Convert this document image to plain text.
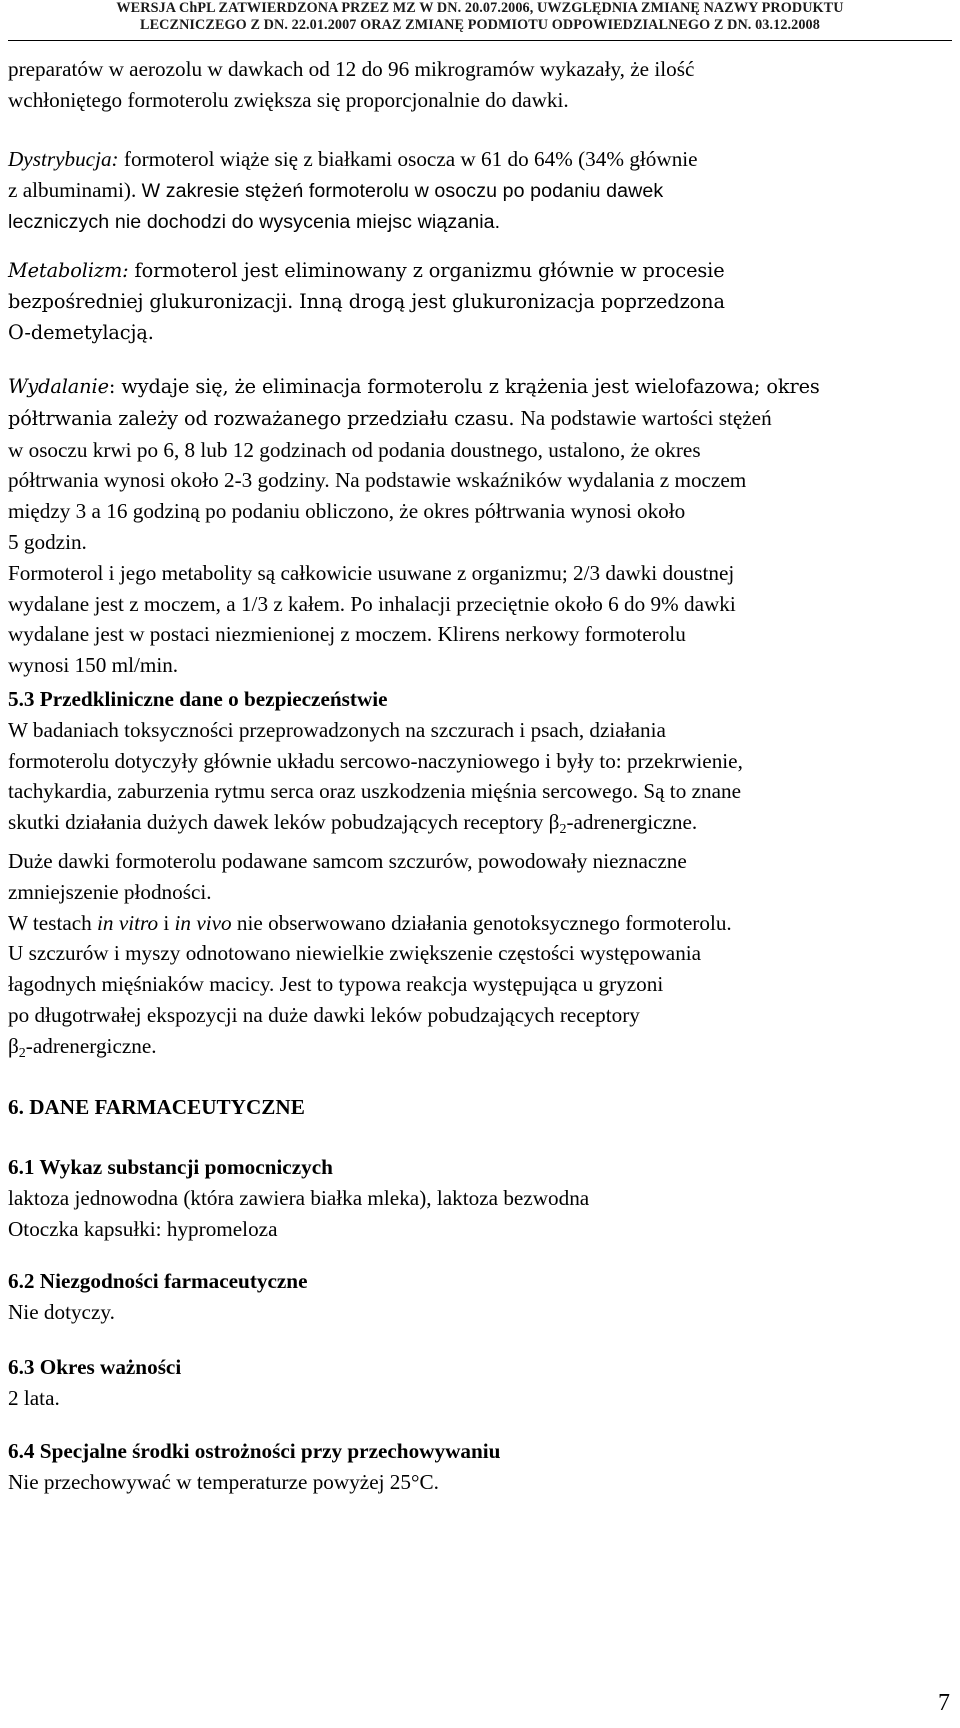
WERSJA ChPL ZATWIERDZONA PRZEZ MZ W DN. 20.07.2006, UWZGLĘDNIA ZMIANĘ NAZWY PRODUKTU
LECZNICZEGO Z DN. 22.01.2007 ORAZ ZMIANĘ PODMIOTU ODPOWIEDZIALNEGO Z DN. 03.12.2008
preparatów w aerozolu w dawkach od 12 do 96 mikrogramów wykazały, że ilość
wchłoniętego formoterolu zwiększa się proporcjonalnie do dawki.
Dystrybucja: formoterol wiąże się z białkami osocza w 61 do 64% (34% głównie
z albuminami). W zakresie stężeń formoterolu w osoczu po podaniu dawek
leczniczych nie dochodzi do wysycenia miejsc wiązania.
Metabolizm: formoterol jest eliminowany z organizmu głównie w procesie
bezpośredniej glukuronizacji. Inną drogą jest glukuronizacja poprzedzona
O-demetylacją.
Wydalanie: wydaje się, że eliminacja formoterolu z krążenia jest wielofazowa; okres
półtrwania zależy od rozważanego przedziału czasu. Na podstawie wartości stężeń
w osoczu krwi po 6, 8 lub 12 godzinach od podania doustnego, ustalono, że okres
półtrwania wynosi około 2-3 godziny. Na podstawie wskaźników wydalania z moczem
między 3 a 16 godziną po podaniu obliczono, że okres półtrwania wynosi około
5 godzin.
Formoterol i jego metabolity są całkowicie usuwane z organizmu; 2/3 dawki doustnej
wydalane jest z moczem, a 1/3 z kałem. Po inhalacji przeciętnie około 6 do 9% dawki
wydalane jest w postaci niezmienionej z moczem. Klirens nerkowy formoterolu
wynosi 150 ml/min.
5.3 Przedkliniczne dane o bezpieczeństwie
W badaniach toksyczności przeprowadzonych na szczurach i psach, działania
formoterolu dotyczyły głównie układu sercowo-naczyniowego i były to: przekrwienie,
tachykardia, zaburzenia rytmu serca oraz uszkodzenia mięśnia sercowego. Są to znane
skutki działania dużych dawek leków pobudzających receptory $\beta_2$-adrenergiczne.
Duże dawki formoterolu podawane samcom szczurów, powodowały nieznaczne
zmniejszenie płodności.
W testach in vitro i in vivo nie obserwowano działania genotoksycznego formoterolu.
U szczurów i myszy odnotowano niewielkie zwiększenie częstości występowania
łagodnych mięśniaków macicy. Jest to typowa reakcja występująca u gryzoni
po długotrwałej ekspozycji na duże dawki leków pobudzających receptory
$\beta_2$-adrenergiczne.
6. DANE FARMACEUTYCZNE
6.1 Wykaz substancji pomocniczych
laktoza jednowodna (która zawiera białka mleka), laktoza bezwodna
Otoczka kapsułki: hypromeloza
6.2 Niezgodności farmaceutyczne
Nie dotyczy.
6.3 Okres ważności
2 lata.
6.4 Specjalne środki ostrożności przy przechowywaniu
Nie przechowywać w temperaturze powyżej 25°C.
7
